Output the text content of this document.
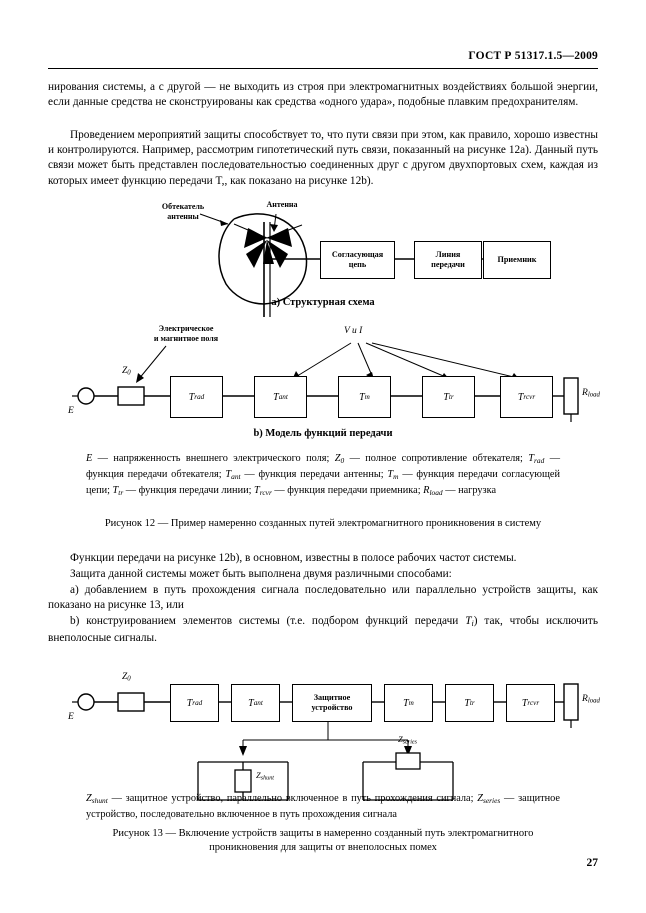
ГОСТ Р 51317.1.5—2009
нирования системы, а с другой — не выходить из строя при электромагнитных воздействиях большой энергии, если данные средства не сконструированы как средства «одного удара», подобные плавким предохранителям.
Проведением мероприятий защиты способствует то, что пути связи при этом, как правило, хорошо известны и контролируются. Например, рассмотрим гипотетический путь связи, показанный на рисунке 12а). Данный путь связи может быть представлен последовательностью соединенных друг с другом двухпортовых схем, каждая из которых имеет функцию передачи T,, как показано на рисунке 12b).
Обтекатель
антенны
Антенна
Согласующая
цепь
Линия
передачи
Приемник
а) Структурная схема
Электрическое
и магнитное поля
V и I
E
$Z_0$
$R_{load}$
T rad	T ant	T m	T tr	T rcvr
b) Модель функций передачи
E — напряженность внешнего электрического поля; $Z_0$ — полное сопротивление обтекателя; $T_{rad}$ — функция передачи обтекателя; $T_{ant}$ — функция передачи антенны; $T_m$ — функция передачи согласующей цепи; $T_{tr}$ — функция передачи линии; $T_{rcvr}$ — функция передачи приемника; $R_{load}$ — нагрузка
Рисунок 12 — Пример намеренно созданных путей электромагнитного проникновения в систему
Функции передачи на рисунке 12b), в основном, известны в полосе рабочих частот системы.
Защита данной системы может быть выполнена двумя различными способами:
а) добавлением в путь прохождения сигнала последовательно или параллельно устройств защиты, как показано на рисунке 13, или
b) конструированием элементов системы (т.е. подбором функций передачи $T_i$) так, чтобы исключить внеполосные сигналы.
E
$Z_0$
$R_{load}$
T rad	T ant
Защитное
устройство	T m	T tr	T rcvr
$Z_{shunt}$
$Z_{series}$
$Z_{shunt}$ — защитное устройство, параллельно включенное в путь прохождения сигнала; $Z_{series}$ — защитное устройство, последовательно включенное в путь прохождения сигнала
Рисунок 13 — Включение устройств защиты в намеренно созданный путь электромагнитного проникновения для защиты от внеполосных помех
27
